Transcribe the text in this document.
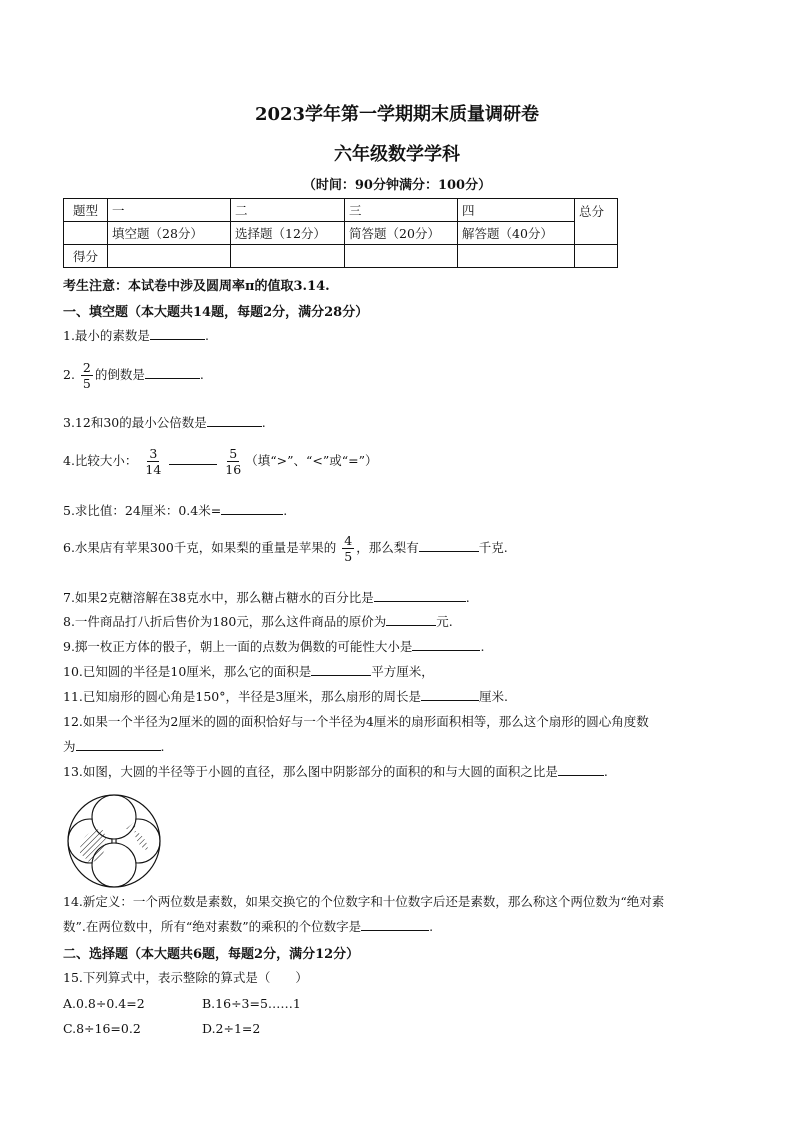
2023学年第一学期期末质量调研卷
六年级数学学科
（时间：90分钟满分：100分）
题型	一	二	三	四	总分
	填空题（28分）	选择题（12分）	简答题（20分）	解答题（40分）	
得分					
考生注意：本试卷中涉及圆周率π的值取3.14.
一、填空题（本大题共14题，每题2分，满分28分）
1.最小的素数是	.
2. $\frac{2}{5}$ 的倒数是	.
3.12和30的最小公倍数是	.
4.比较大小： $\frac{3}{14}$
	$\frac{5}{16}$ （填“>”、“<”或“=”）
5.求比值：24厘米：0.4米=	.
6.水果店有苹果300千克，如果梨的重量是苹果的 $\frac{4}{5}$ ，那么梨有	千克.
7.如果2克糖溶解在38克水中，那么糖占糖水的百分比是	.
8.一件商品打八折后售价为180元，那么这件商品的原价为	元.
9.掷一枚正方体的骰子，朝上一面的点数为偶数的可能性大小是	.
10.已知圆的半径是10厘米，那么它的面积是	平方厘米，
11.已知扇形的圆心角是150°，半径是3厘米，那么扇形的周长是	厘米.
12.如果一个半径为2厘米的圆的面积恰好与一个半径为4厘米的扇形面积相等，那么这个扇形的圆心角度数
为	.
13.如图，大圆的半径等于小圆的直径，那么图中阴影部分的面积的和与大圆的面积之比是	.
14.新定义：一个两位数是素数，如果交换它的个位数字和十位数字后还是素数，那么称这个两位数为“绝对素
数”.在两位数中，所有“绝对素数”的乘积的个位数字是	.
二、选择题（本大题共6题，每题2分，满分12分）
15.下列算式中，表示整除的算式是（　　）
A.0.8÷0.4=2	B.16÷3=5……1
C.8÷16=0.2	D.2÷1=2
